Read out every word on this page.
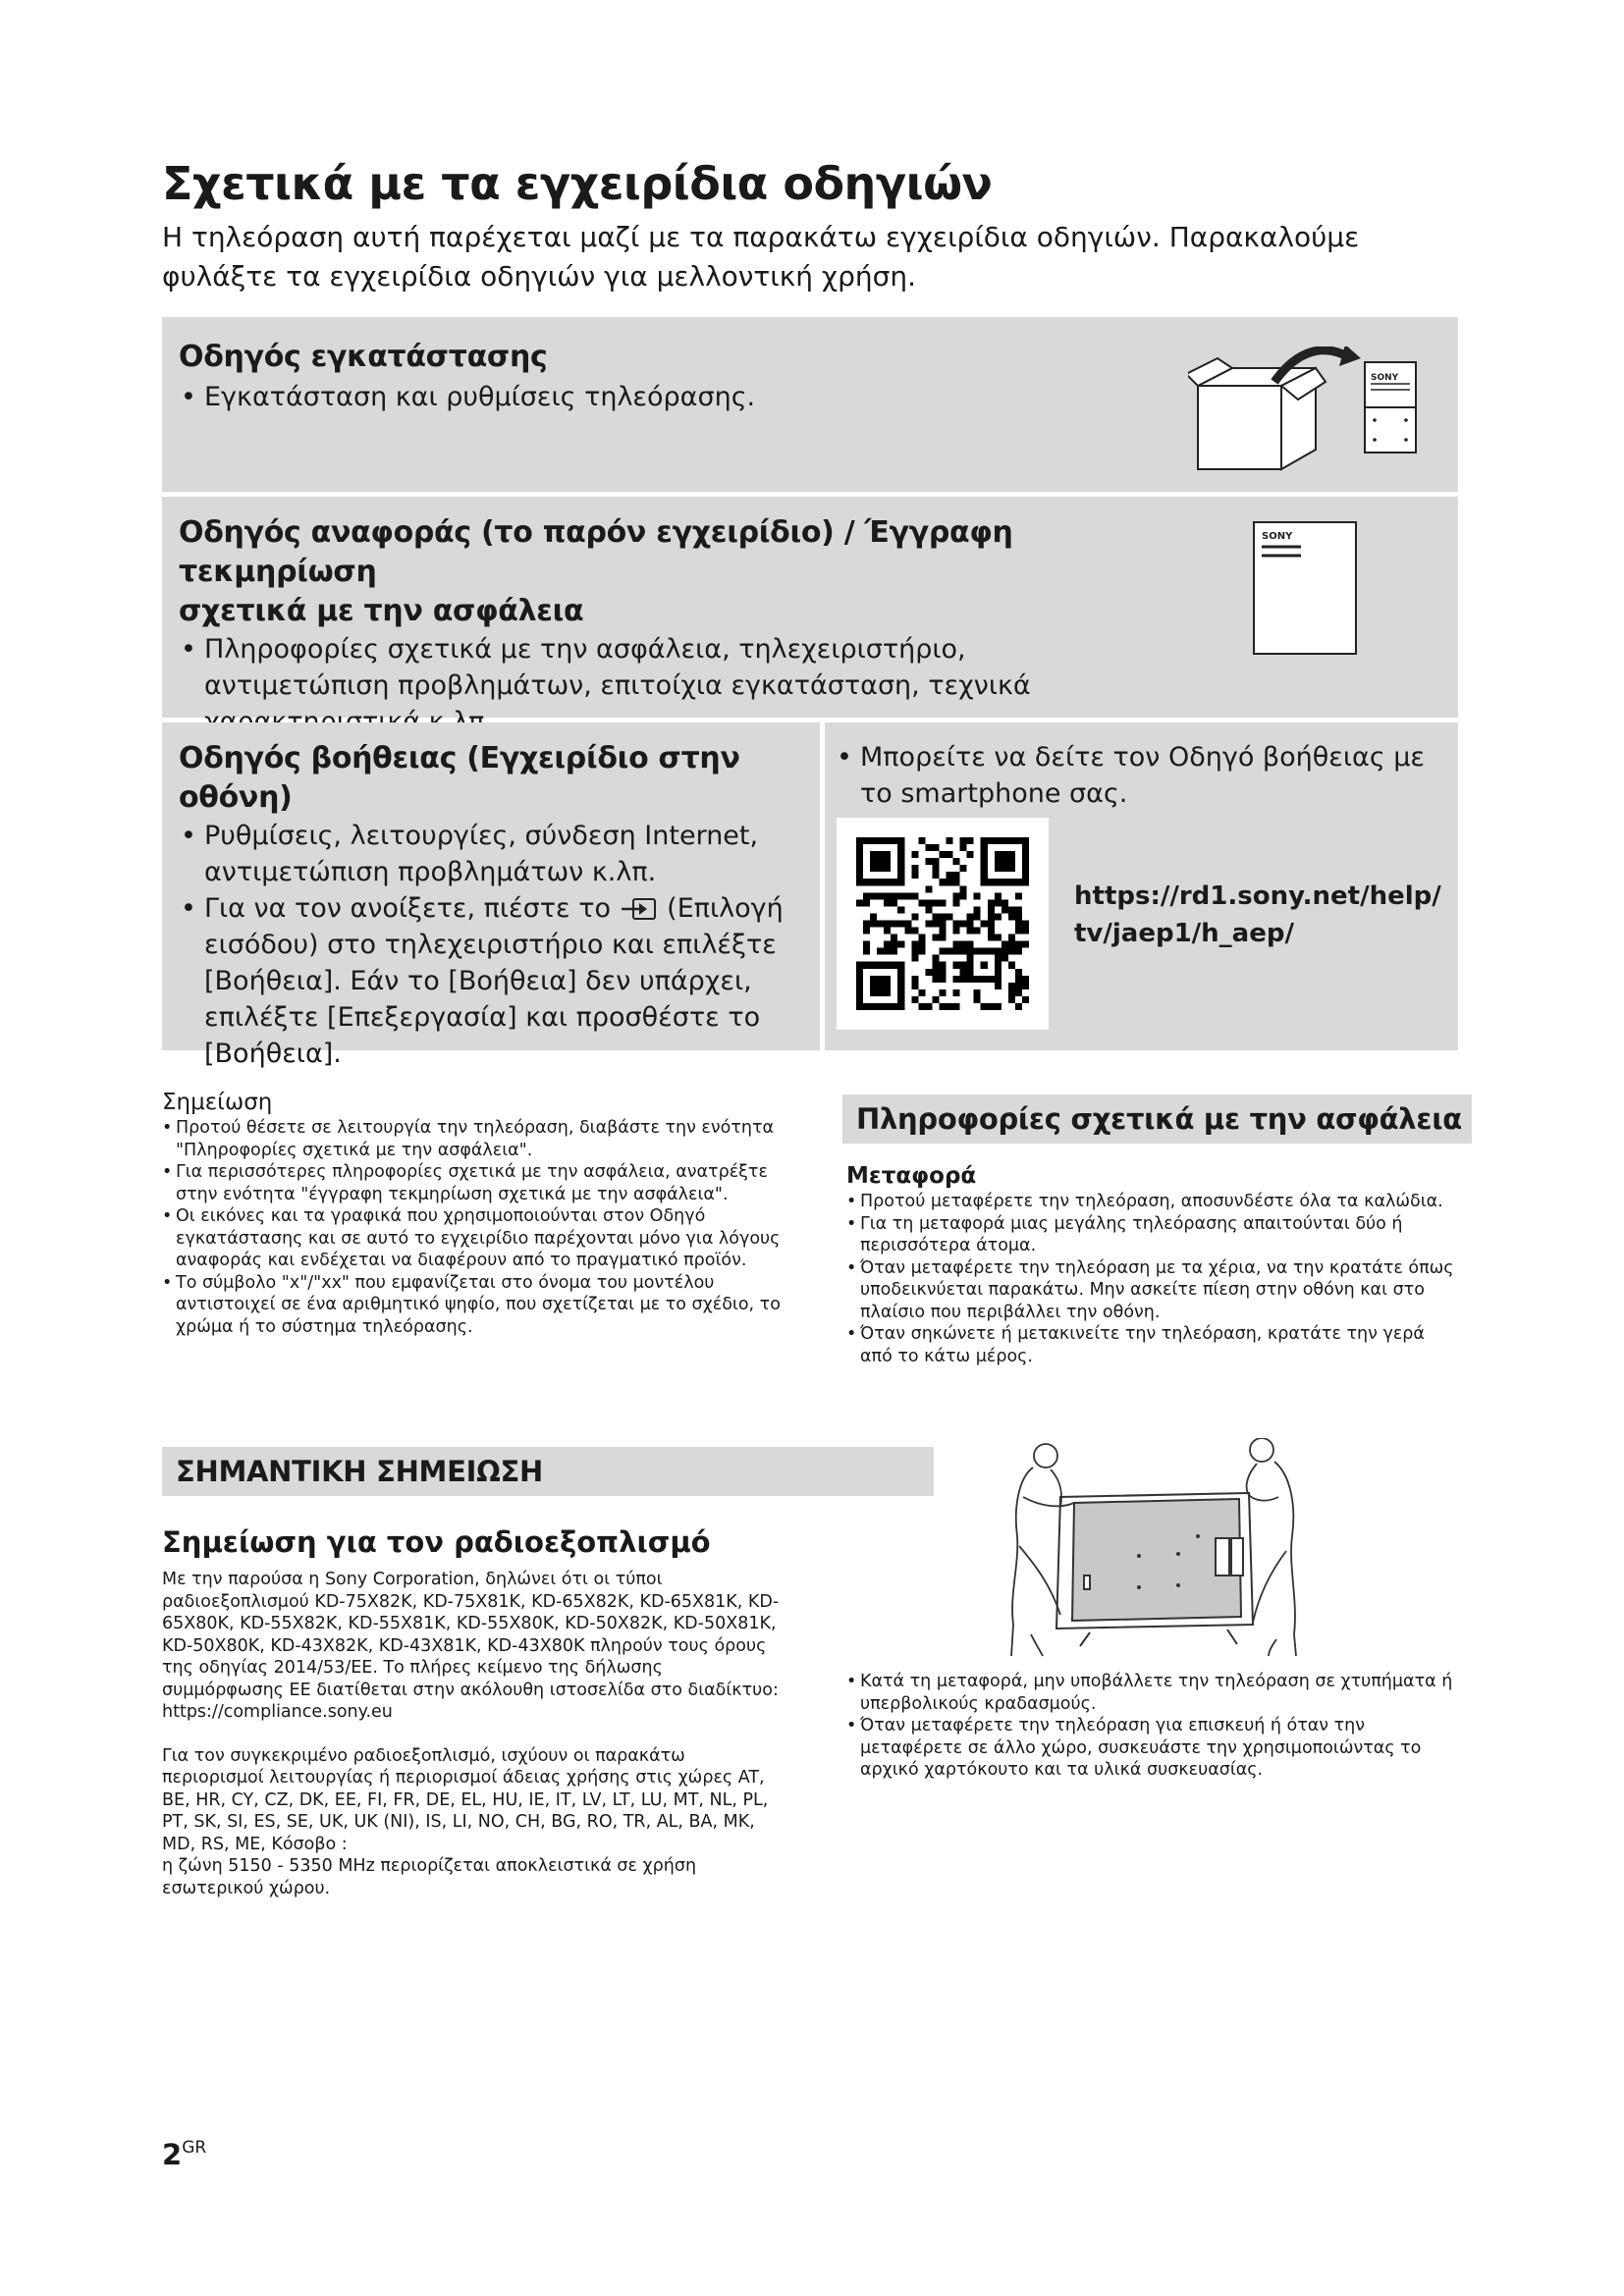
Σχετικά με τα εγχειρίδια οδηγιών
Η τηλεόραση αυτή παρέχεται μαζί με τα παρακάτω εγχειρίδια οδηγιών. Παρακαλούμε φυλάξτε τα εγχειρίδια οδηγιών για μελλοντική χρήση.
Οδηγός εγκατάστασης
• Εγκατάσταση και ρυθμίσεις τηλεόρασης.
SONY
Οδηγός αναφοράς (το παρόν εγχειρίδιο) / Έγγραφη τεκμηρίωση
σχετικά με την ασφάλεια
• Πληροφορίες σχετικά με την ασφάλεια, τηλεχειριστήριο, αντιμετώπιση προβλημάτων, επιτοίχια εγκατάσταση, τεχνικά
SONY
Οδηγός βοήθειας (Εγχειρίδιο στην οθόνη)
• Ρυθμίσεις, λειτουργίες, σύνδεση Internet, αντιμετώπιση προβλημάτων κ.λπ.
• Για να τον ανοίξετε, πιέστε το (Επιλογή εισόδου) στο τηλεχειριστήριο και επιλέξτε [Βοήθεια]. Εάν το [Βοήθεια] δεν υπάρχει, επιλέξτε [Επεξεργασία] και προσθέστε το [Βοήθεια].
• Μπορείτε να δείτε τον Οδηγό βοήθειας με το smartphone σας.
https://rd1.sony.net/help/
tv/jaep1/h_aep/
Σημείωση
• Προτού θέσετε σε λειτουργία την τηλεόραση, διαβάστε την ενότητα "Πληροφορίες σχετικά με την ασφάλεια".
• Για περισσότερες πληροφορίες σχετικά με την ασφάλεια, ανατρέξτε στην ενότητα "έγγραφη τεκμηρίωση σχετικά με την ασφάλεια".
• Οι εικόνες και τα γραφικά που χρησιμοποιούνται στον Οδηγό εγκατάστασης και σε αυτό το εγχειρίδιο παρέχονται μόνο για λόγους αναφοράς και ενδέχεται να διαφέρουν από το πραγματικό προϊόν.
• Το σύμβολο "x"/"xx" που εμφανίζεται στο όνομα του μοντέλου αντιστοιχεί σε ένα αριθμητικό ψηφίο, που σχετίζεται με το σχέδιο, το χρώμα ή το σύστημα τηλεόρασης.
ΣΗΜΑΝΤΙΚΗ ΣΗΜΕΙΩΣΗ
Σημείωση για τον ραδιοεξοπλισμό
Με την παρούσα η Sony Corporation, δηλώνει ότι οι τύποι ραδιοεξοπλισμού KD-75X82K, KD-75X81K, KD-65X82K, KD-65X81K, KD-65X80K, KD-55X82K, KD-55X81K, KD-55X80K, KD-50X82K, KD-50X81K, KD-50X80K, KD-43X82K, KD-43X81K, KD-43X80K πληρούν τους όρους της οδηγίας 2014/53/ΕΕ. Το πλήρες κείμενο της δήλωσης συμμόρφωσης ΕΕ διατίθεται στην ακόλουθη ιστοσελίδα στο διαδίκτυο:
https://compliance.sony.eu
Για τον συγκεκριμένο ραδιοεξοπλισμό, ισχύουν οι παρακάτω περιορισμοί λειτουργίας ή περιορισμοί άδειας χρήσης στις χώρες AT, BE, HR, CY, CZ, DK, EE, FI, FR, DE, EL, HU, IE, IT, LV, LT, LU, MT, NL, PL, PT, SK, SI, ES, SE, UK, UK (NI), IS, LI, NO, CH, BG, RO, TR, AL, BA, MK, MD, RS, ME, Κόσοβο :
η ζώνη 5150 - 5350 MHz περιορίζεται αποκλειστικά σε χρήση εσωτερικού χώρου.
Πληροφορίες σχετικά με την ασφάλεια
Μεταφορά
• Προτού μεταφέρετε την τηλεόραση, αποσυνδέστε όλα τα καλώδια.
• Για τη μεταφορά μιας μεγάλης τηλεόρασης απαιτούνται δύο ή περισσότερα άτομα.
• Όταν μεταφέρετε την τηλεόραση με τα χέρια, να την κρατάτε όπως υποδεικνύεται παρακάτω. Μην ασκείτε πίεση στην οθόνη και στο πλαίσιο που περιβάλλει την οθόνη.
• Όταν σηκώνετε ή μετακινείτε την τηλεόραση, κρατάτε την γερά από το κάτω μέρος.
• Κατά τη μεταφορά, μην υποβάλλετε την τηλεόραση σε χτυπήματα ή υπερβολικούς κραδασμούς.
• Όταν μεταφέρετε την τηλεόραση για επισκευή ή όταν την μεταφέρετε σε άλλο χώρο, συσκευάστε την χρησιμοποιώντας το αρχικό χαρτόκουτο και τα υλικά συσκευασίας.
$2^{GR}$
